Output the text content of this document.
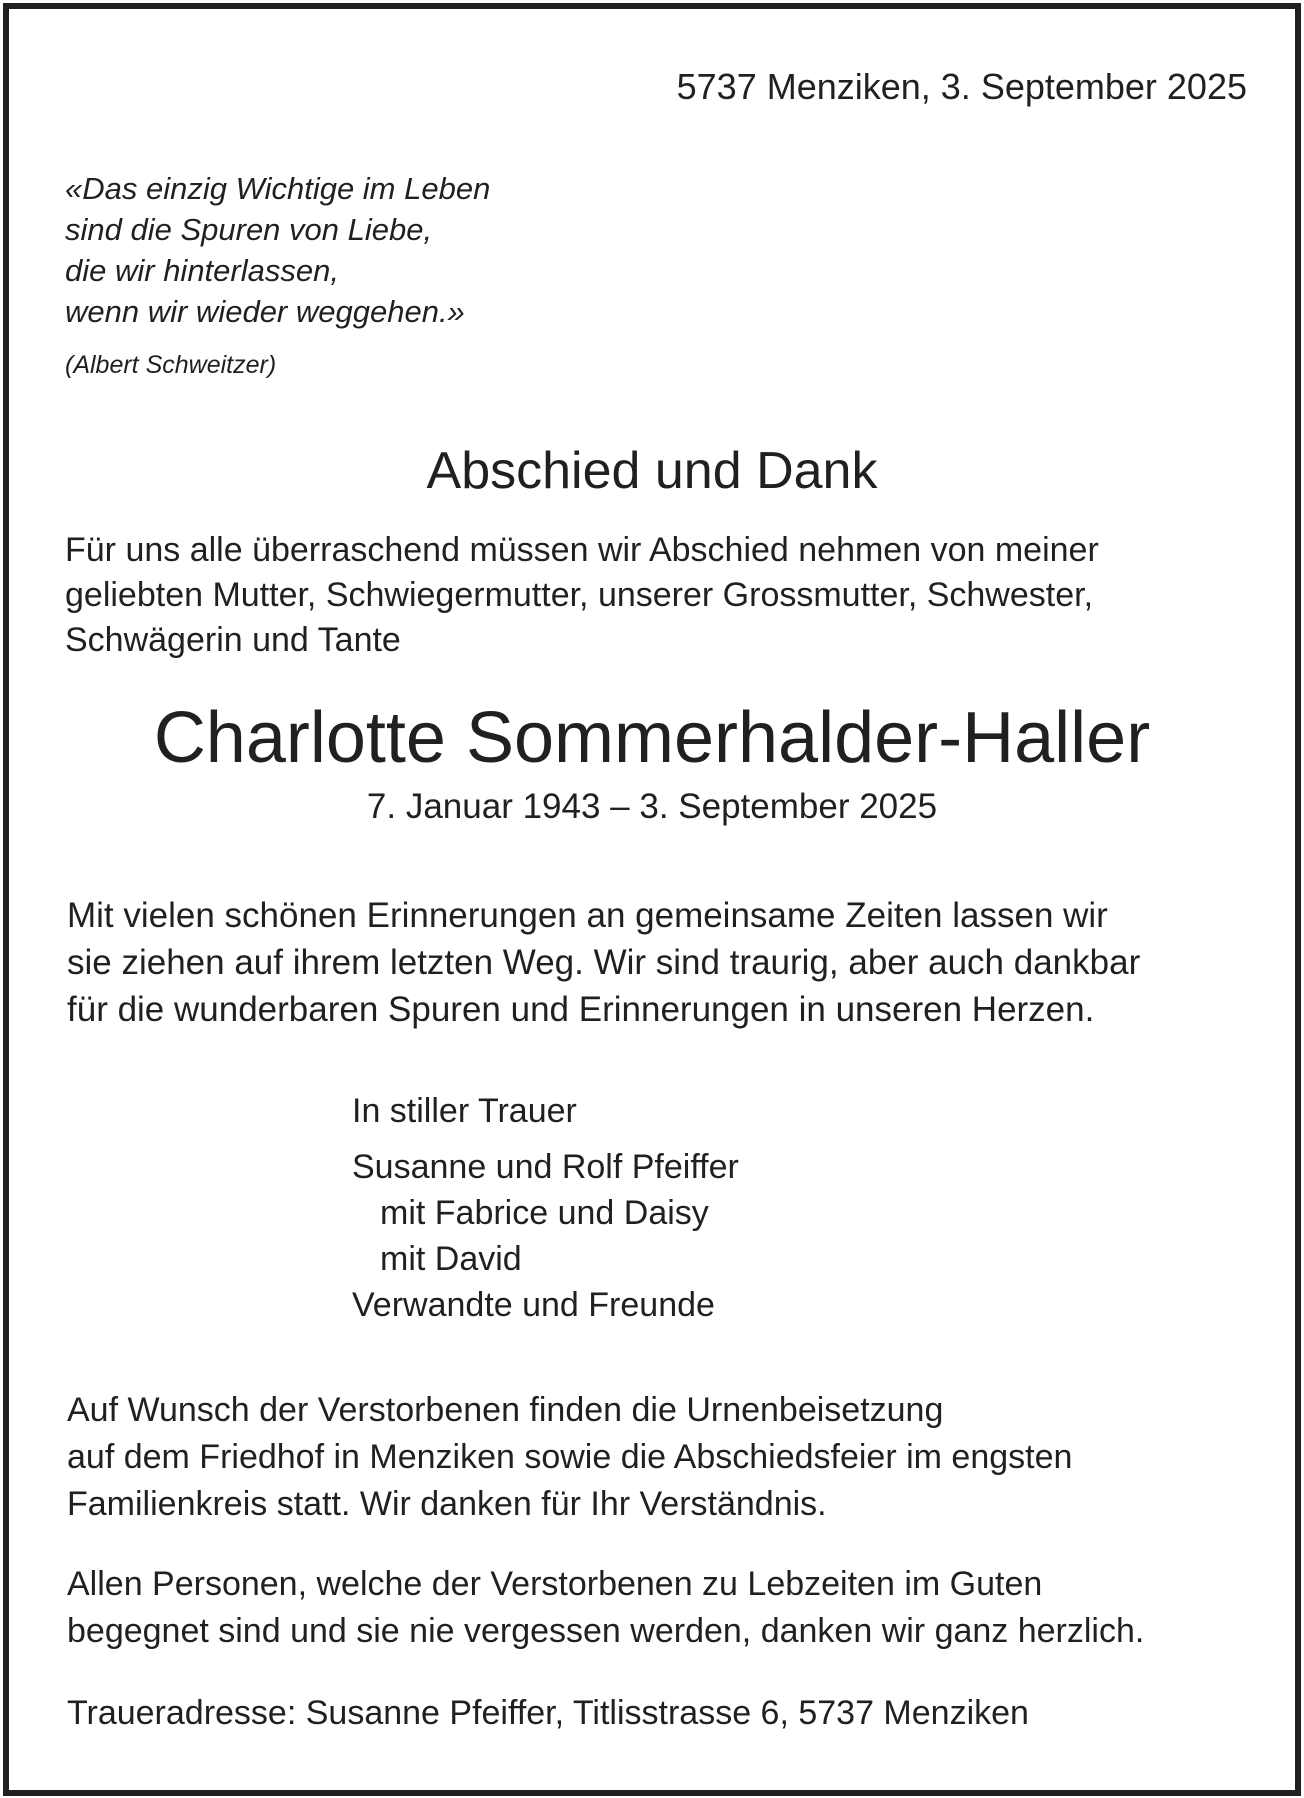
5737 Menziken, 3. September 2025
«Das einzig Wichtige im Leben
sind die Spuren von Liebe,
die wir hinterlassen,
wenn wir wieder weggehen.»
(Albert Schweitzer)
Abschied und Dank
Für uns alle überraschend müssen wir Abschied nehmen von meiner
geliebten Mutter, Schwiegermutter, unserer Grossmutter, Schwester,
Schwägerin und Tante
Charlotte Sommerhalder-Haller
7. Januar 1943 – 3. September 2025
Mit vielen schönen Erinnerungen an gemeinsame Zeiten lassen wir
sie ziehen auf ihrem letzten Weg. Wir sind traurig, aber auch dankbar
für die wunderbaren Spuren und Erinnerungen in unseren Herzen.
In stiller Trauer
Susanne und Rolf Pfeiffer
mit Fabrice und Daisy
mit David
Verwandte und Freunde
Auf Wunsch der Verstorbenen finden die Urnenbeisetzung
auf dem Friedhof in Menziken sowie die Abschiedsfeier im engsten
Familienkreis statt. Wir danken für Ihr Verständnis.
Allen Personen, welche der Verstorbenen zu Lebzeiten im Guten
begegnet sind und sie nie vergessen werden, danken wir ganz herzlich.
Traueradresse: Susanne Pfeiffer, Titlisstrasse 6, 5737 Menziken
